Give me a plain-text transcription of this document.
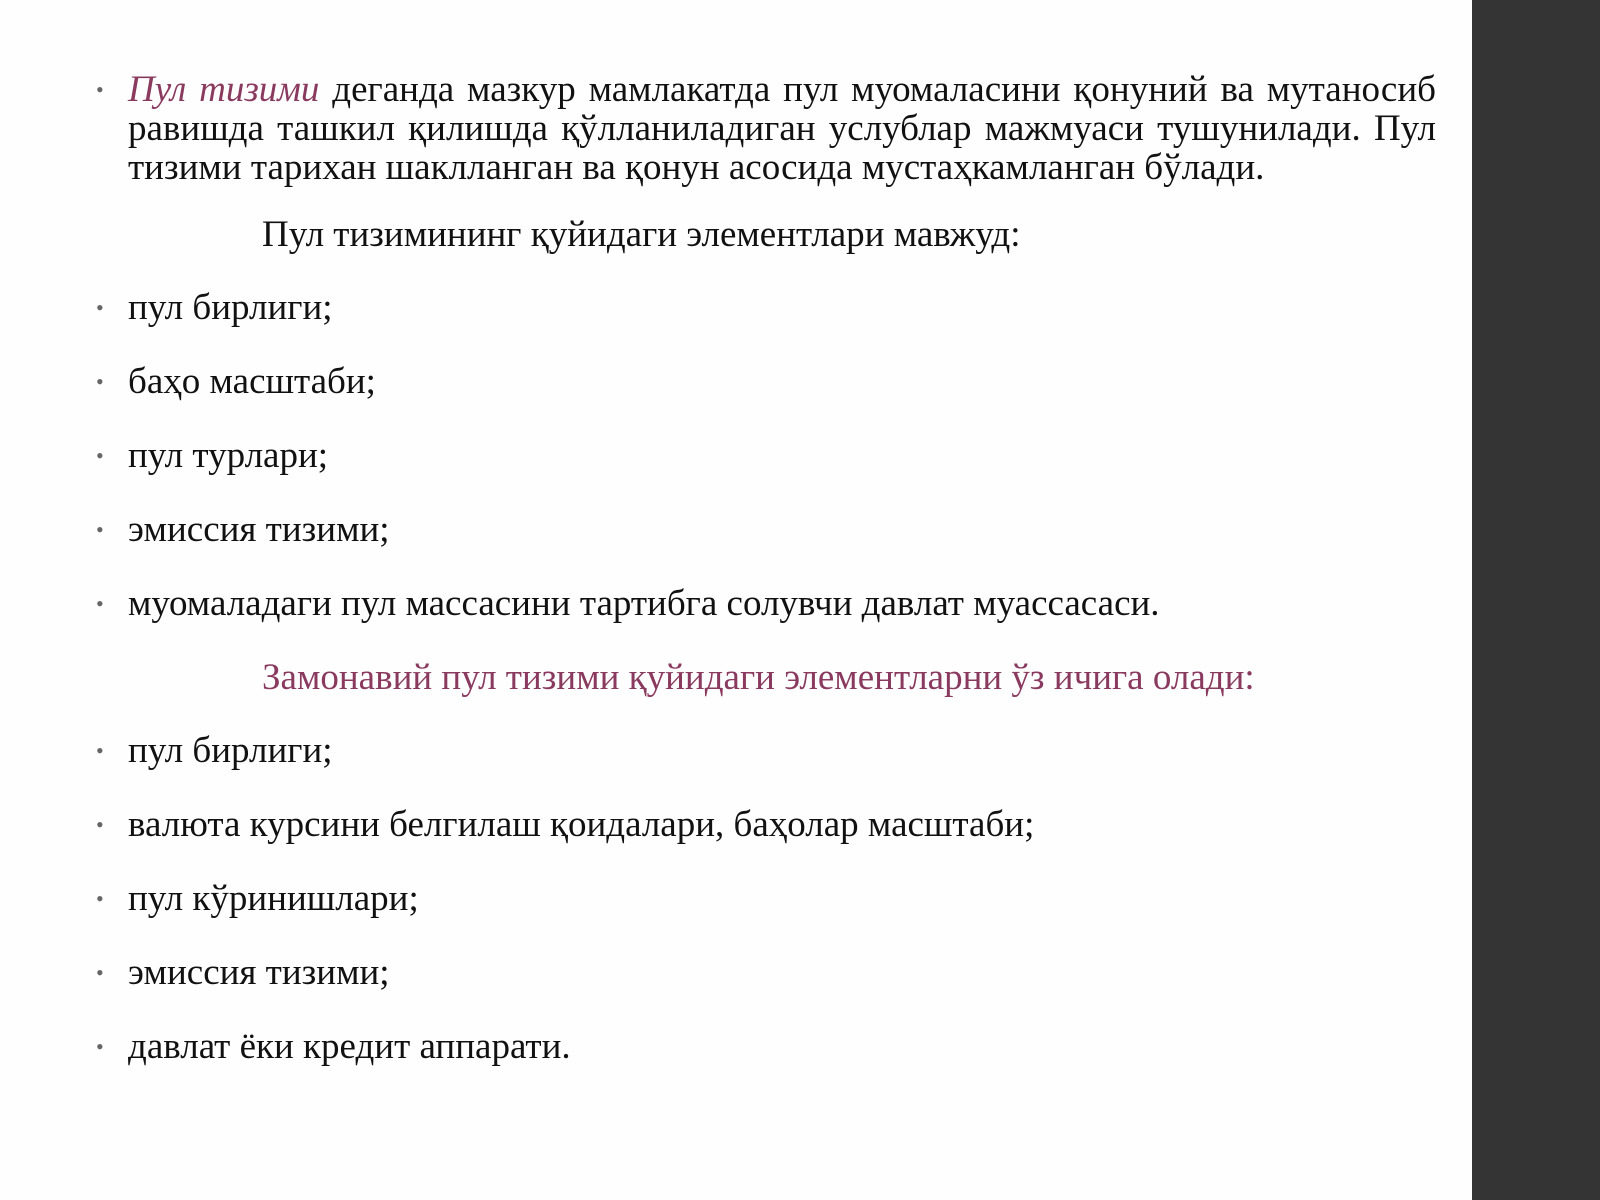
• Пул тизими деганда мазкур мамлакатда пул муомаласини қонуний ва мутаносиб равишда ташкил қилишда қўлланиладиган услублар мажмуаси тушунилади. Пул тизими тарихан шаклланган ва қонун асосида мустаҳкамланган бўлади.
Пул тизимининг қуйидаги элементлари мавжуд:
• пул бирлиги;
• баҳо масштаби;
• пул турлари;
• эмиссия тизими;
• муомаладаги пул массасини тартибга солувчи давлат муассасаси.
Замонавий пул тизими қуйидаги элементларни ўз ичига олади:
• пул бирлиги;
• валюта курсини белгилаш қоидалари, баҳолар масштаби;
• пул кўринишлари;
• эмиссия тизими;
• давлат ёки кредит аппарати.
